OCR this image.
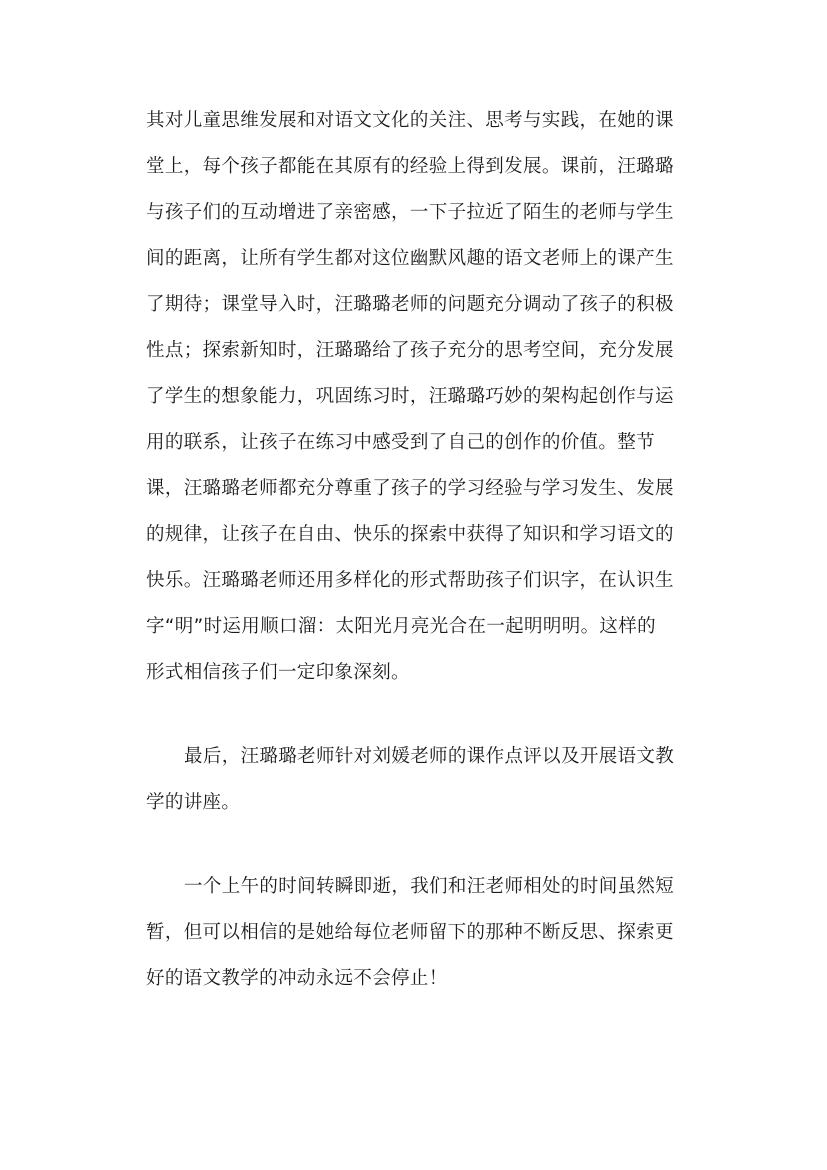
其对儿童思维发展和对语文文化的关注、思考与实践，在她的课
堂上，每个孩子都能在其原有的经验上得到发展。课前，汪璐璐
与孩子们的互动增进了亲密感，一下子拉近了陌生的老师与学生
间的距离，让所有学生都对这位幽默风趣的语文老师上的课产生
了期待；课堂导入时，汪璐璐老师的问题充分调动了孩子的积极
性点；探索新知时，汪璐璐给了孩子充分的思考空间，充分发展
了学生的想象能力，巩固练习时，汪璐璐巧妙的架构起创作与运
用的联系，让孩子在练习中感受到了自己的创作的价值。整节
课，汪璐璐老师都充分尊重了孩子的学习经验与学习发生、发展
的规律，让孩子在自由、快乐的探索中获得了知识和学习语文的
快乐。汪璐璐老师还用多样化的形式帮助孩子们识字，在认识生
字“明”时运用顺口溜：太阳光月亮光合在一起明明明。这样的
形式相信孩子们一定印象深刻。
最后，汪璐璐老师针对刘媛老师的课作点评以及开展语文教
学的讲座。
一个上午的时间转瞬即逝，我们和汪老师相处的时间虽然短
暂，但可以相信的是她给每位老师留下的那种不断反思、探索更
好的语文教学的冲动永远不会停止！
